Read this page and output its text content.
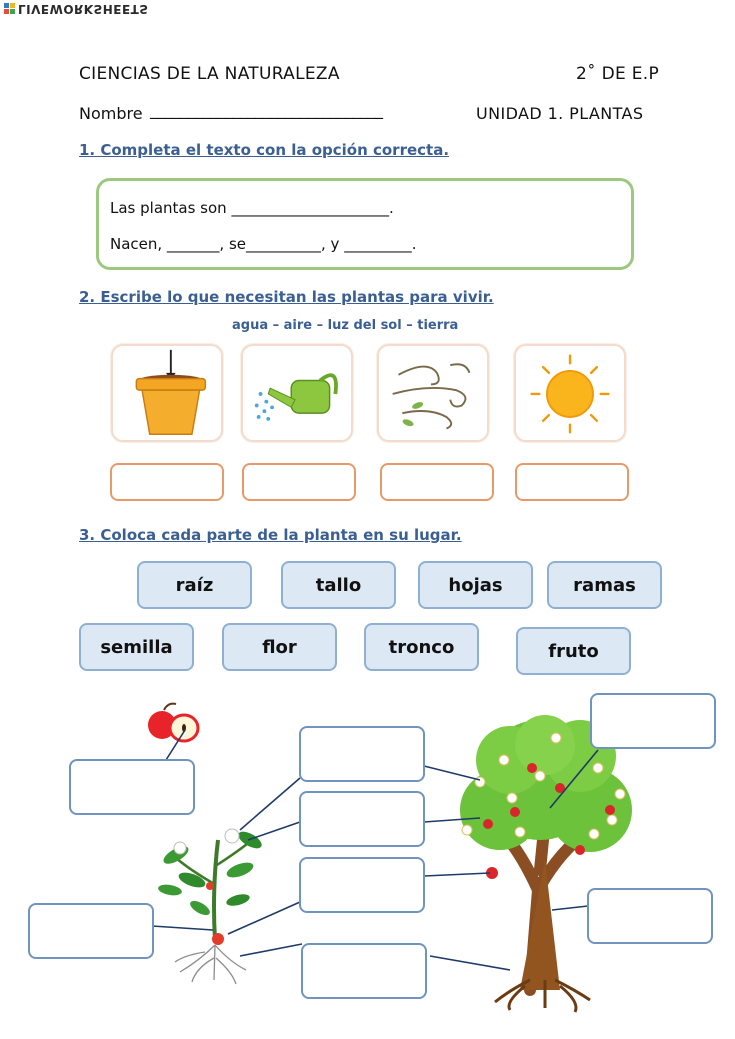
LIVEWORKSHEETS
CIENCIAS DE LA NATURALEZA	2˚ DE E.P
Nombre _______________________________	UNIDAD 1. PLANTAS
1. Completa el texto con la opción correcta.
Las plantas son _____________________.
Nacen, _______, se__________, y _________.
2. Escribe lo que necesitan las plantas para vivir.
agua – aire – luz del sol – tierra
3. Coloca cada parte de la planta en su lugar.
raíz	tallo	hojas	ramas
semilla	flor	tronco	fruto
